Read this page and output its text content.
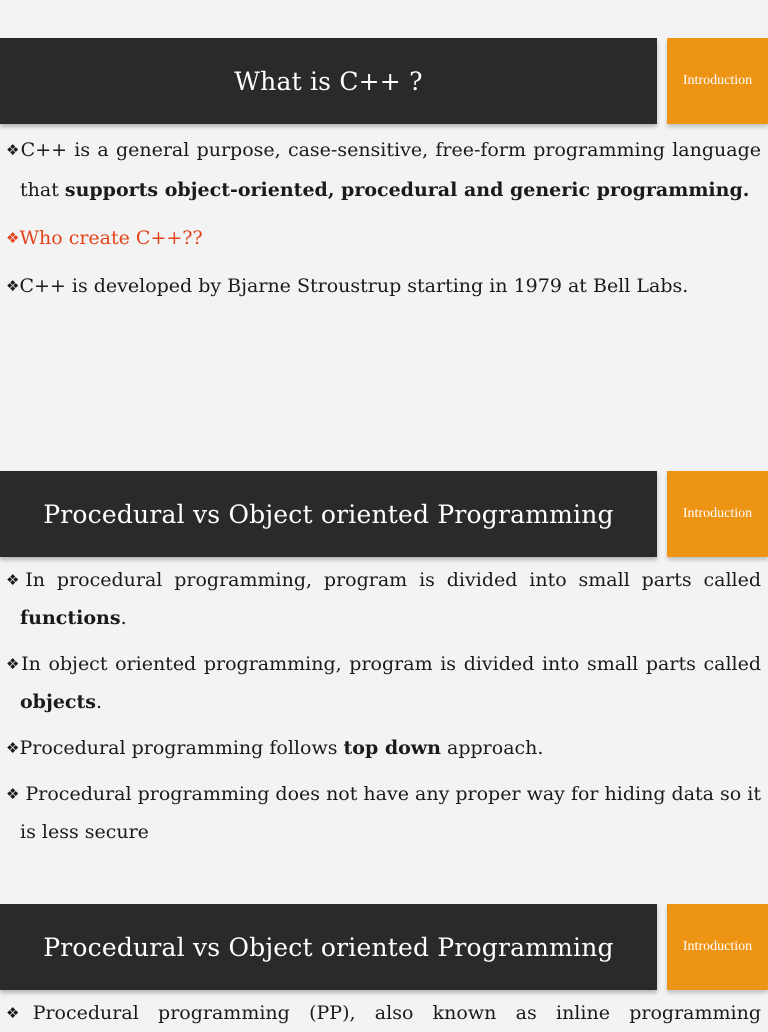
What is C++ ?	Introduction
❖C++ is a general purpose, case-sensitive, free-form programming language that supports object-oriented, procedural and generic programming.
❖Who create C++??
❖C++ is developed by Bjarne Stroustrup starting in 1979 at Bell Labs.
Procedural vs Object oriented Programming	Introduction
❖In procedural programming, program is divided into small parts called functions.
❖In object oriented programming, program is divided into small parts called objects.
❖Procedural programming follows top down approach.
❖ Procedural programming does not have any proper way for hiding data so it is less secure
Procedural vs Object oriented Programming	Introduction
❖Procedural programming (PP), also known as inline programming
